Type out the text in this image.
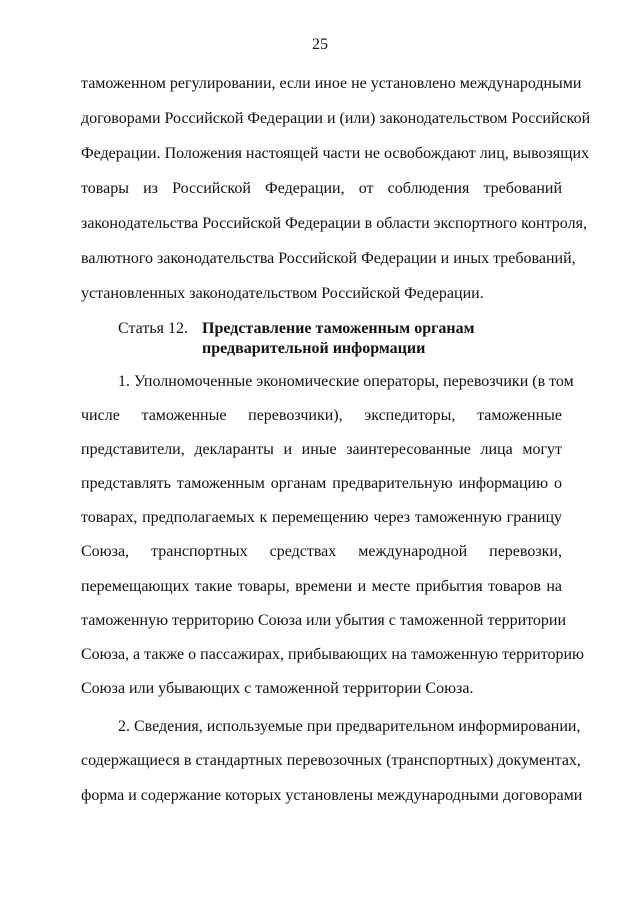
25
таможенном регулировании, если иное не установлено международными
договорами Российской Федерации и (или) законодательством Российской
Федерации. Положения настоящей части не освобождают лиц, вывозящих
товары из Российской Федерации, от соблюдения требований
законодательства Российской Федерации в области экспортного контроля,
валютного законодательства Российской Федерации и иных требований,
установленных законодательством Российской Федерации.
Статья 12. Представление таможенным органам
предварительной информации
1. Уполномоченные экономические операторы, перевозчики (в том
числе таможенные перевозчики), экспедиторы, таможенные
представители, декларанты и иные заинтересованные лица могут
представлять таможенным органам предварительную информацию о
товарах, предполагаемых к перемещению через таможенную границу
Союза, транспортных средствах международной перевозки,
перемещающих такие товары, времени и месте прибытия товаров на
таможенную территорию Союза или убытия с таможенной территории
Союза, а также о пассажирах, прибывающих на таможенную территорию
Союза или убывающих с таможенной территории Союза.
2. Сведения, используемые при предварительном информировании,
содержащиеся в стандартных перевозочных (транспортных) документах,
форма и содержание которых установлены международными договорами
